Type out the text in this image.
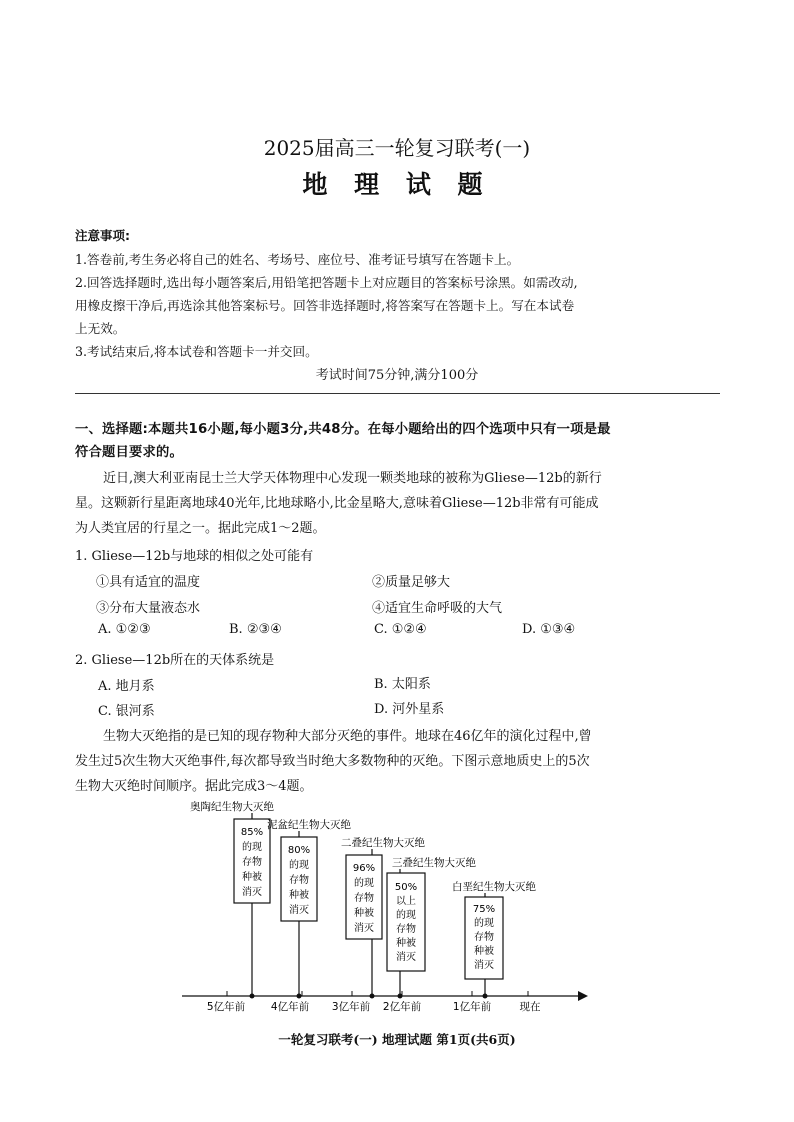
2025届高三一轮复习联考(一)
地 理 试 题
注意事项:
1.答卷前,考生务必将自己的姓名、考场号、座位号、准考证号填写在答题卡上。
2.回答选择题时,选出每小题答案后,用铅笔把答题卡上对应题目的答案标号涂黑。如需改动,
用橡皮擦干净后,再选涂其他答案标号。回答非选择题时,将答案写在答题卡上。写在本试卷
上无效。
3.考试结束后,将本试卷和答题卡一并交回。
考试时间75分钟,满分100分
一、选择题:本题共16小题,每小题3分,共48分。在每小题给出的四个选项中只有一项是最
符合题目要求的。
近日,澳大利亚南昆士兰大学天体物理中心发现一颗类地球的被称为Gliese—12b的新行
星。这颗新行星距离地球40光年,比地球略小,比金星略大,意味着Gliese—12b非常有可能成
为人类宜居的行星之一。据此完成1～2题。
1. Gliese—12b与地球的相似之处可能有
①具有适宜的温度	②质量足够大
③分布大量液态水	④适宜生命呼吸的大气
A. ①②③	B. ②③④	C. ①②④	D. ①③④
2. Gliese—12b所在的天体系统是
A. 地月系	B. 太阳系
C. 银河系	D. 河外星系
生物大灭绝指的是已知的现存物种大部分灭绝的事件。地球在46亿年的演化过程中,曾
发生过5次生物大灭绝事件,每次都导致当时绝大多数物种的灭绝。下图示意地质史上的5次
生物大灭绝时间顺序。据此完成3～4题。
5亿年前 4亿年前 3亿年前 2亿年前	1亿年前	现在
奥陶纪生物大灭绝
85%
的现
存物
种被
消灭
泥盆纪生物大灭绝
80%
的现
存物
种被
消灭
二叠纪生物大灭绝
96%
的现
存物
种被
消灭
三叠纪生物大灭绝
50%
以上
的现
存物
种被
消灭
白垩纪生物大灭绝
75%
的现
存物
种被
消灭
一轮复习联考(一) 地理试题 第1页(共6页)
